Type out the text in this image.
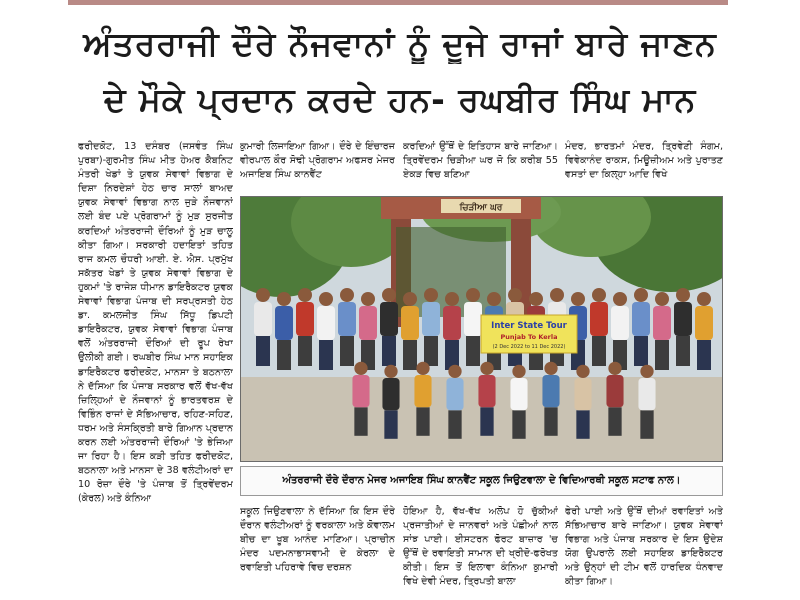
ਅੰਤਰਰਾਜੀ ਦੌਰੇ ਨੌਜਵਾਨਾਂ ਨੂੰ ਦੂਜੇ ਰਾਜਾਂ ਬਾਰੇ ਜਾਣਨ
ਦੇ ਮੌਕੇ ਪ੍ਰਦਾਨ ਕਰਦੇ ਹਨ- ਰਘਬੀਰ ਸਿੰਘ ਮਾਨ

ਫਰੀਦਕੋਟ, 13 ਦਸੰਬਰ (ਜਸਵੰਤ ਸਿੰਘ ਪੁਰਬਾ)-ਗੁਰਮੀਤ ਸਿੰਘ ਮੀਤ ਹੇਅਰ ਕੈਬਨਿਟ ਮੰਤਰੀ ਖੇਡਾਂ ਤੇ ਯੁਵਕ ਸੇਵਾਵਾਂ ਵਿਭਾਗ ਦੇ ਦਿਸ਼ਾ ਨਿਰਦੇਸ਼ਾਂ ਹੇਠ ਚਾਰ ਸਾਲਾਂ ਬਾਅਦ ਯੁਵਕ ਸੇਵਾਵਾਂ ਵਿਭਾਗ ਨਾਲ ਜੁੜੇ ਨੌਜਵਾਨਾਂ ਲਈ ਬੰਦ ਪਏ ਪ੍ਰੋਗਰਾਮਾਂ ਨੂੰ ਮੁੜ ਸੁਰਜੀਤ ਕਰਦਿਆਂ ਅੰਤਰਰਾਜੀ ਦੌਰਿਆਂ ਨੂੰ ਮੁੜ ਚਾਲੂ ਕੀਤਾ ਗਿਆ। ਸਰਕਾਰੀ ਹਦਾਇਤਾਂ ਤਹਿਤ ਰਾਜ ਕਮਲ ਚੌਧਰੀ ਆਈ. ਏ. ਐਸ. ਪ੍ਰਮੁੱਖ ਸਕੱਤਰ ਖੇਡਾਂ ਤੇ ਯੁਵਕ ਸੇਵਾਵਾਂ ਵਿਭਾਗ ਦੇ ਹੁਕਮਾਂ 'ਤੇ ਰਾਜੇਸ਼ ਧੀਮਾਨ ਡਾਇਰੈਕਟਰ ਯੁਵਕ ਸੇਵਾਵਾਂ ਵਿਭਾਗ ਪੰਜਾਬ ਦੀ ਸਰਪ੍ਰਸਤੀ ਹੇਠ ਡਾ. ਕਮਲਜੀਤ ਸਿੰਘ ਸਿੱਧੂ ਡਿਪਟੀ ਡਾਇਰੈਕਟਰ, ਯੁਵਕ ਸੇਵਾਵਾਂ ਵਿਭਾਗ ਪੰਜਾਬ ਵਲੋਂ ਅੰਤਰਰਾਜੀ ਦੌਰਿਆਂ ਦੀ ਰੂਪ ਰੇਖਾ ਉਲੀਕੀ ਗਈ। ਰਘਬੀਰ ਸਿੰਘ ਮਾਨ ਸਹਾਇਕ ਡਾਇਰੈਕਟਰ ਫਰੀਦਕੋਟ, ਮਾਨਸਾ ਤੇ ਬਠਨਾਲਾ ਨੇ ਦੱਸਿਆ ਕਿ ਪੰਜਾਬ ਸਰਕਾਰ ਵਲੋਂ ਵੱਖ-ਵੱਖ ਜ਼ਿਲ੍ਹਿਆਂ ਦੇ ਨੌਜਵਾਨਾਂ ਨੂੰ ਭਾਰਤਵਰਸ਼ ਦੇ ਵਿਭਿੰਨ ਰਾਜਾਂ ਦੇ ਸੱਭਿਆਚਾਰ, ਰਹਿਣ-ਸਹਿਣ, ਧਰਮ ਅਤੇ ਸੰਸਕ੍ਰਿਤੀ ਬਾਰੇ ਗਿਆਨ ਪ੍ਰਦਾਨ ਕਰਨ ਲਈ ਅੰਤਰਰਾਜੀ ਦੌਰਿਆਂ 'ਤੇ ਭੇਜਿਆ ਜਾ ਰਿਹਾ ਹੈ। ਇਸ ਕੜੀ ਤਹਿਤ ਫਰੀਦਕੋਟ, ਬਠਨਾਲਾ ਅਤੇ ਮਾਨਸਾ ਦੇ 38 ਵਲੰਟੀਅਰਾਂ ਦਾ 10 ਰੋਜ਼ਾ ਦੌਰੇ 'ਤੇ ਪੰਜਾਬ ਤੋਂ ਤ੍ਰਿਵੇਂਦਰਮ (ਕੇਰਲ) ਅਤੇ ਕੰਨਿਆ

ਕੁਮਾਰੀ ਲਿਜਾਇਆ ਗਿਆ। ਦੌਰੇ ਦੇ ਇੰਚਾਰਜ ਵੀਰਪਾਲ ਕੌਰ ਸੋਢੀ ਪ੍ਰੋਗਰਾਮ ਅਫਸਰ ਮੇਜਰ ਅਜਾਇਬ ਸਿੰਘ ਕਾਨਵੈਂਟ

ਕਰਦਿਆਂ ਉੱਥੋਂ ਦੇ ਇਤਿਹਾਸ ਬਾਰੇ ਜਾਣਿਆ। ਤ੍ਰਿਵੇਂਦਰਮ ਚਿੜੀਆ ਘਰ ਜੋ ਕਿ ਕਰੀਬ 55 ਏਕੜ ਵਿਚ ਬਣਿਆ

ਮੰਦਰ, ਭਾਰਤਮਾਂ ਮੰਦਰ, ਤ੍ਰਿਵੇਣੀ ਸੰਗਮ, ਵਿਵੇਕਾਨੰਦ ਰਾਕਸ, ਮਿਊਜ਼ੀਅਮ ਅਤੇ ਪੁਰਾਤਣ ਵਸਤਾਂ ਦਾ ਕਿਲ੍ਹਾ ਆਦਿ ਵਿਖੇ

ਚਿੜੀਆ ਘਰ
Inter State Tour
Punjab To Kerla
(2 Dec 2022 to 11 Dec 2022)
ਅੰਤਰਰਾਜੀ ਦੌਰੇ ਦੌਰਾਨ ਮੇਜਰ ਅਜਾਇਬ ਸਿੰਘ ਕਾਨਵੈਂਟ ਸਕੂਲ ਜਿਉਣਵਾਲਾ ਦੇ ਵਿਦਿਆਰਥੀ ਸਕੂਲ ਸਟਾਫ ਨਾਲ।

ਸਕੂਲ ਜਿਉਣਵਾਲਾ ਨੇ ਦੱਸਿਆ ਕਿ ਇਸ ਦੌਰੇ ਦੌਰਾਨ ਵਲੰਟੀਅਰਾਂ ਨੂੰ ਵਰਕਾਲਾ ਅਤੇ ਕੋਵਾਲਮ ਬੀਚ ਦਾ ਖੂਬ ਆਨੰਦ ਮਾਣਿਆ। ਪ੍ਰਾਚੀਨ ਮੰਦਰ ਪਦਮਨਾਭਾਸਵਾਮੀ ਦੇ ਕੇਰਲਾ ਦੇ ਰਵਾਇਤੀ ਪਹਿਰਾਵੇ ਵਿਚ ਦਰਸ਼ਨ

ਹੋਇਆ ਹੈ, ਵੱਖ-ਵੱਖ ਅਲੋਪ ਹੋ ਚੁੱਕੀਆਂ ਪ੍ਰਜਾਤੀਆਂ ਦੇ ਜਾਨਵਰਾਂ ਅਤੇ ਪੰਛੀਆਂ ਨਾਲ ਸਾਂਝ ਪਾਈ। ਈਸਟਰਨ ਫੋਰਟ ਬਾਜ਼ਾਰ 'ਚ ਉੱਥੋਂ ਦੇ ਰਵਾਇਤੀ ਸਾਮਾਨ ਦੀ ਖ੍ਰੀਦੋ-ਫਰੋਖਤ ਕੀਤੀ। ਇਸ ਤੋਂ ਇਲਾਵਾ ਕੰਨਿਆ ਕੁਮਾਰੀ ਵਿਖੇ ਦੇਵੀ ਮੰਦਰ, ਤ੍ਰਿਪਤੀ ਬਾਲਾ

ਫੇਰੀ ਪਾਈ ਅਤੇ ਉੱਥੋਂ ਦੀਆਂ ਰਵਾਇਤਾਂ ਅਤੇ ਸੱਭਿਆਚਾਰ ਬਾਰੇ ਜਾਣਿਆ। ਯੁਵਕ ਸੇਵਾਵਾਂ ਵਿਭਾਗ ਅਤੇ ਪੰਜਾਬ ਸਰਕਾਰ ਦੇ ਇਸ ਉਦੇਸ਼ ਯੋਗ ਉਪਰਾਲੇ ਲਈ ਸਹਾਇਕ ਡਾਇਰੈਕਟਰ ਅਤੇ ਉਨ੍ਹਾਂ ਦੀ ਟੀਮ ਵਲੋਂ ਹਾਰਦਿਕ ਧੰਨਵਾਦ ਕੀਤਾ ਗਿਆ।
